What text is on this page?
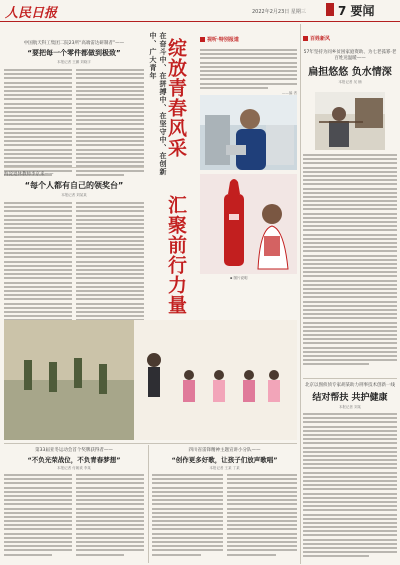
人民日报	2022年2月23日 星期三	7 要闻
中国航天科工集团二院23所“高端雷达研制者”——
“要把每一个零件都做到极致”
本报记者 王鹏 刘晓宇
海淀退休教师李京来——
“每个人都有自己的领奖台”
本报记者 刘某某
在奋斗中、在拼搏中、在坚守中、在创新中、广大青年 绽放青春风采
汇聚前行力量
视听·特别报道
——编 者
▪ 图片说明
百姓新风
57年坚持为同乡贫困家庭资助、为七老孤寡·老百姓送温暖——
扁担悠悠 负水情深
本报记者 吴 楠
北京以图侦侦专家胡某助力刑事技术创新一线
结对帮扶 共护健康
本报记者 刘某
第33届亚冬运动会首个奖牌获得者——
“不负光荣战位，不负青春梦想”
本报记者 付朝欢 李某
四川省雷锋精神主题宣讲小分队——
“创作更多好歌，让孩子们放声歌唱”
本报记者 王某 丁某
